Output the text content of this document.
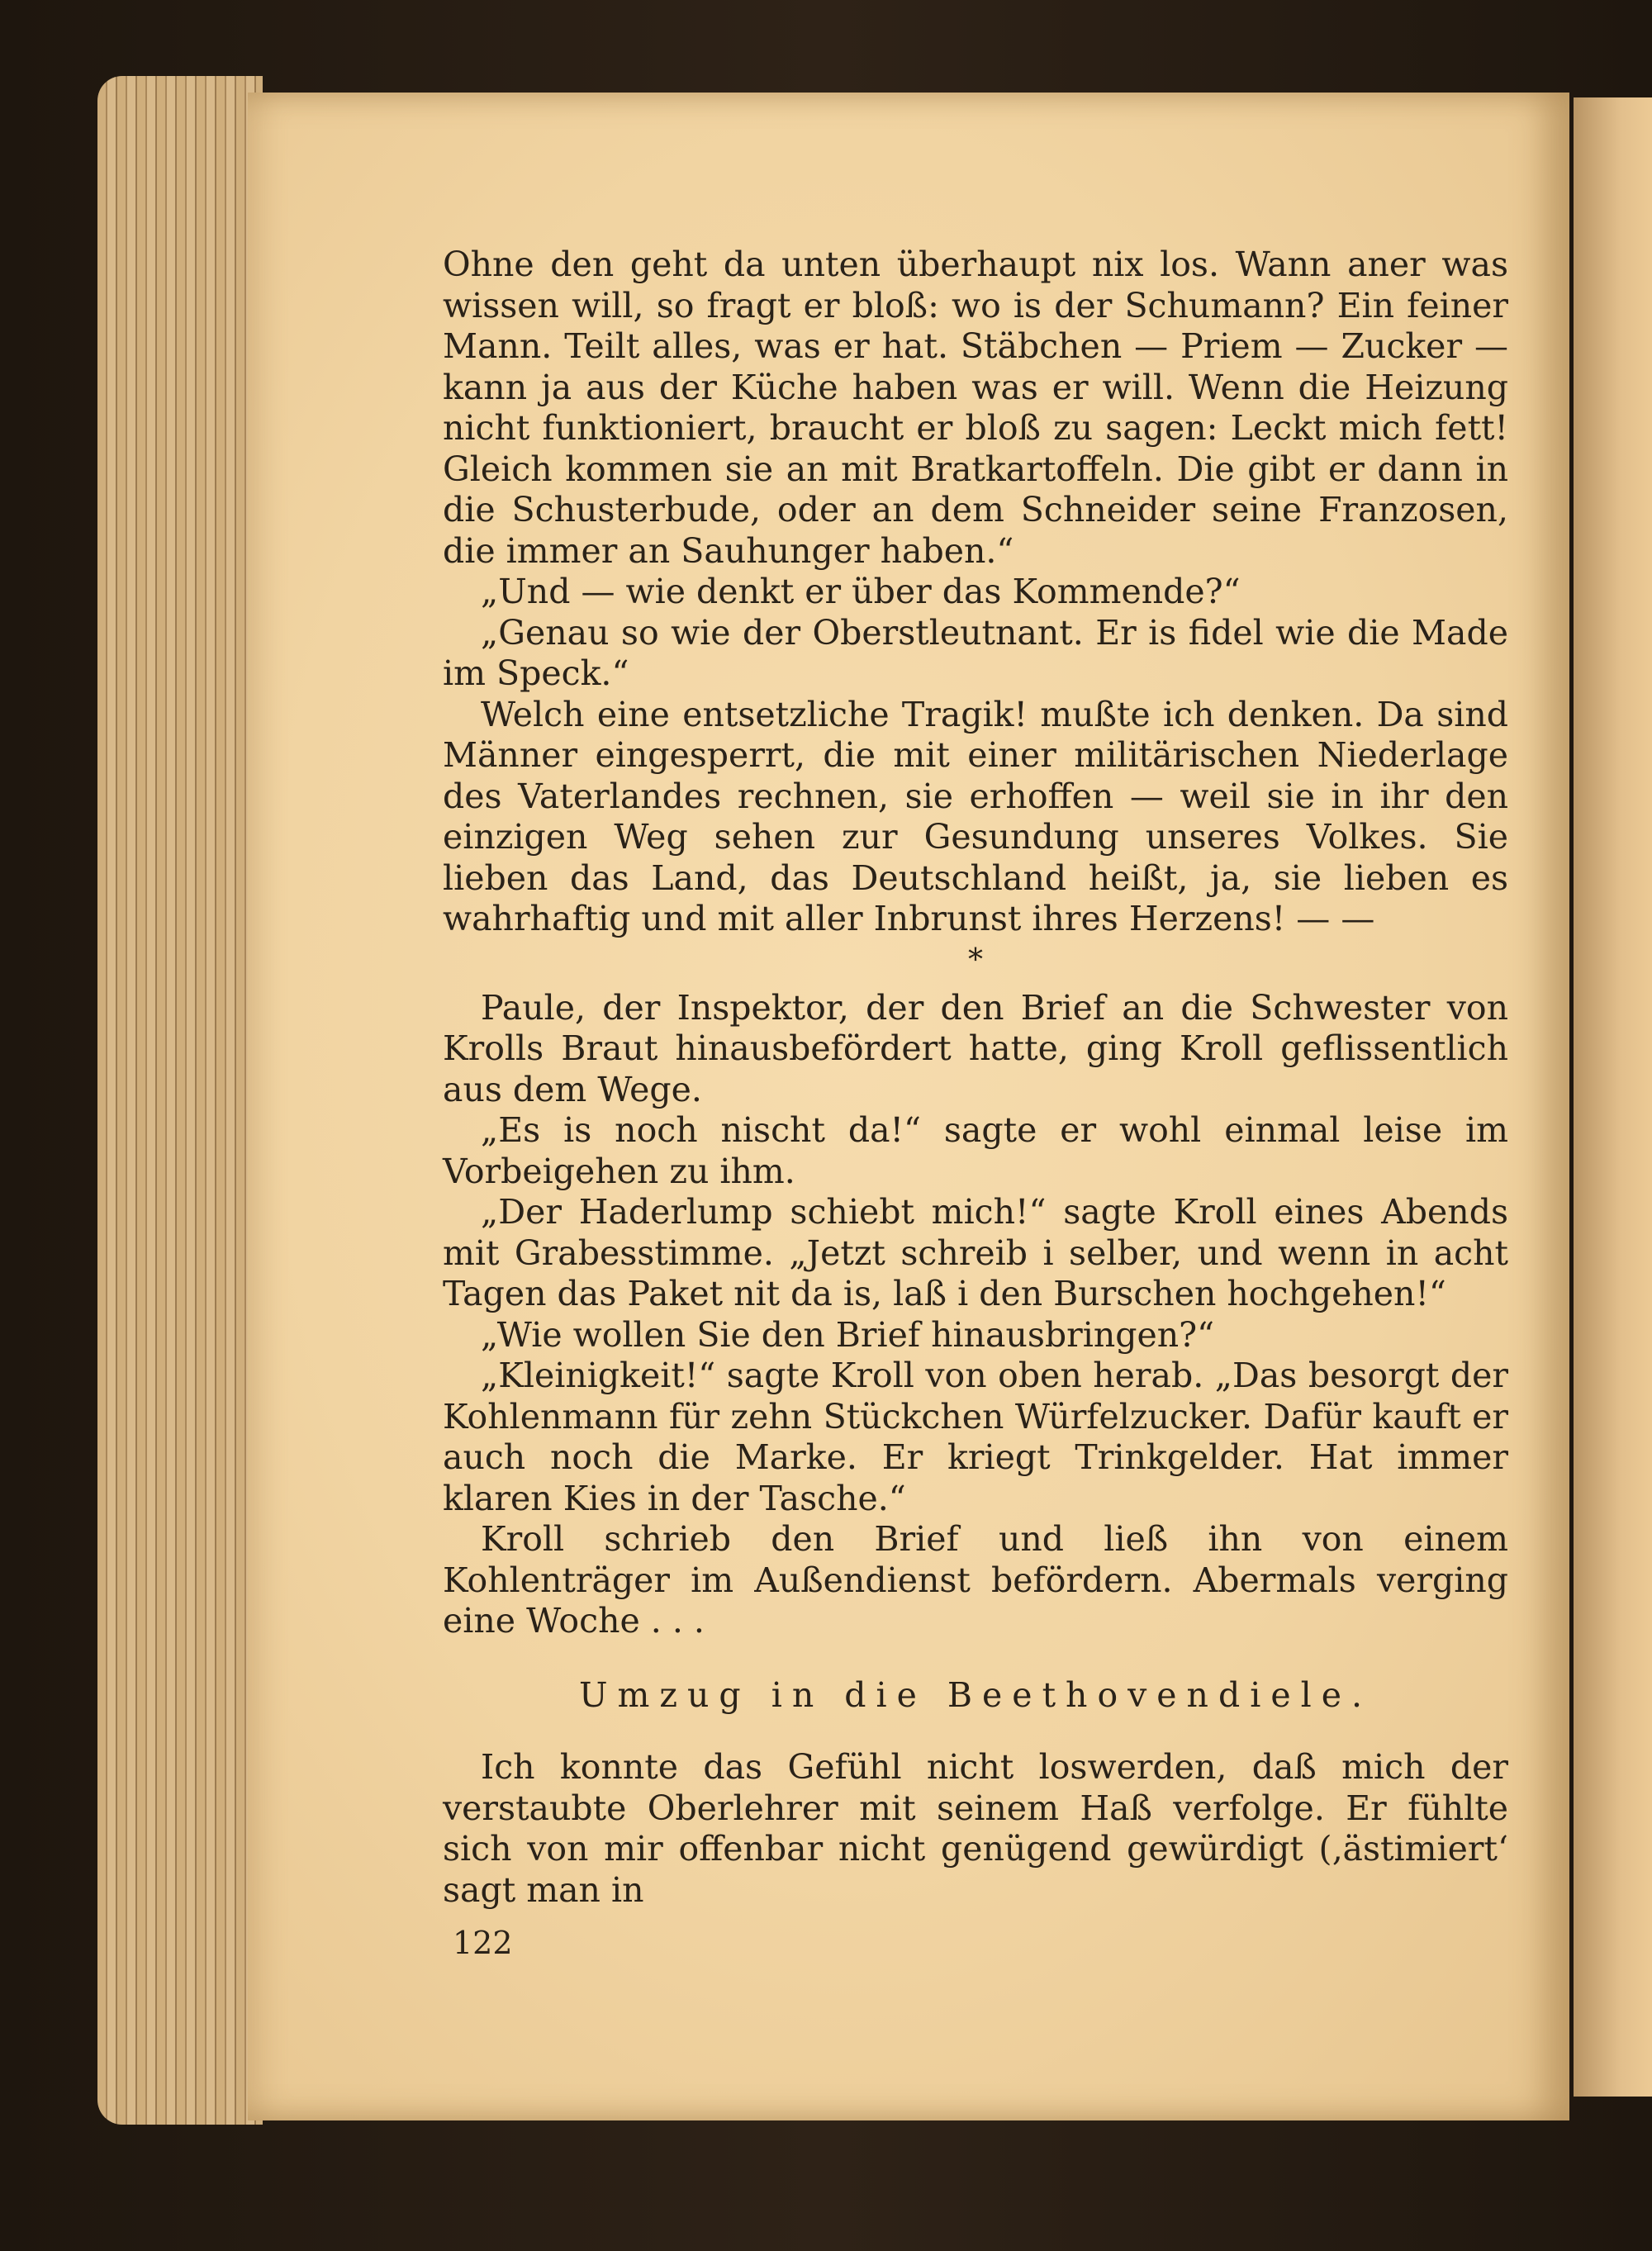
Ohne den geht da unten überhaupt nix los. Wann aner was wissen will, so fragt er bloß: wo is der Schumann? Ein feiner Mann. Teilt alles, was er hat. Stäbchen — Priem — Zucker — kann ja aus der Küche haben was er will. Wenn die Heizung nicht funktioniert, braucht er bloß zu sagen: Leckt mich fett! Gleich kommen sie an mit Bratkartoffeln. Die gibt er dann in die Schusterbude, oder an dem Schneider seine Franzosen, die immer an Sauhunger haben.“

„Und — wie denkt er über das Kommende?“

„Genau so wie der Oberstleutnant. Er is fidel wie die Made im Speck.“

Welch eine entsetzliche Tragik! mußte ich denken. Da sind Männer eingesperrt, die mit einer militärischen Niederlage des Vaterlandes rechnen, sie erhoffen — weil sie in ihr den einzigen Weg sehen zur Gesundung unseres Volkes. Sie lieben das Land, das Deutschland heißt, ja, sie lieben es wahrhaftig und mit aller Inbrunst ihres Herzens! — —

*

Paule, der Inspektor, der den Brief an die Schwester von Krolls Braut hinausbefördert hatte, ging Kroll geflissentlich aus dem Wege.

„Es is noch nischt da!“ sagte er wohl einmal leise im Vorbeigehen zu ihm.

„Der Haderlump schiebt mich!“ sagte Kroll eines Abends mit Grabesstimme. „Jetzt schreib i selber, und wenn in acht Tagen das Paket nit da is, laß i den Burschen hochgehen!“

„Wie wollen Sie den Brief hinausbringen?“

„Kleinigkeit!“ sagte Kroll von oben herab. „Das besorgt der Kohlenmann für zehn Stückchen Würfelzucker. Dafür kauft er auch noch die Marke. Er kriegt Trinkgelder. Hat immer klaren Kies in der Tasche.“

Kroll schrieb den Brief und ließ ihn von einem Kohlenträger im Außendienst befördern. Abermals verging eine Woche . . .

Umzug in die Beethovendiele.

Ich konnte das Gefühl nicht loswerden, daß mich der verstaubte Oberlehrer mit seinem Haß verfolge. Er fühlte sich von mir offenbar nicht genügend gewürdigt (‚ästimiert‘ sagt man in

122
